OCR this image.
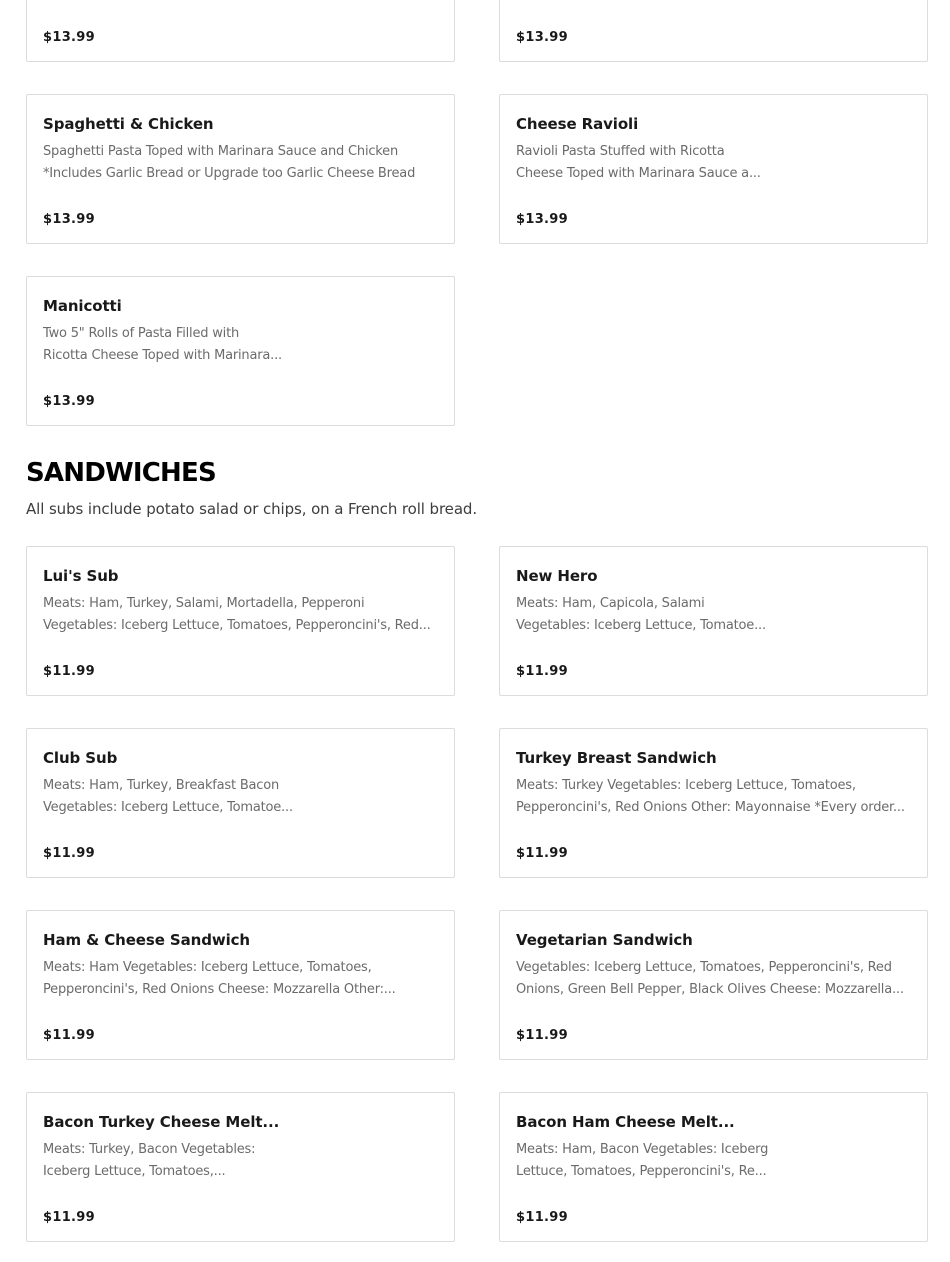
$13.99	$13.99
Spaghetti & Chicken
Spaghetti Pasta Toped with Marinara Sauce and Chicken
*Includes Garlic Bread or Upgrade too Garlic Cheese Bread
$13.99
Cheese Ravioli
Ravioli Pasta Stuffed with Ricotta
Cheese Toped with Marinara Sauce a...
$13.99
Manicotti
Two 5" Rolls of Pasta Filled with
Ricotta Cheese Toped with Marinara...
$13.99
SANDWICHES

All subs include potato salad or chips, on a French roll bread.

Lui's Sub
Meats: Ham, Turkey, Salami, Mortadella, Pepperoni
Vegetables: Iceberg Lettuce, Tomatoes, Pepperoncini's, Red...
$11.99
New Hero
Meats: Ham, Capicola, Salami
Vegetables: Iceberg Lettuce, Tomatoe...
$11.99
Club Sub
Meats: Ham, Turkey, Breakfast Bacon
Vegetables: Iceberg Lettuce, Tomatoe...
$11.99
Turkey Breast Sandwich
Meats: Turkey Vegetables: Iceberg Lettuce, Tomatoes,
Pepperoncini's, Red Onions Other: Mayonnaise *Every order...
$11.99
Ham & Cheese Sandwich
Meats: Ham Vegetables: Iceberg Lettuce, Tomatoes,
Pepperoncini's, Red Onions Cheese: Mozzarella Other:...
$11.99
Vegetarian Sandwich
Vegetables: Iceberg Lettuce, Tomatoes, Pepperoncini's, Red
Onions, Green Bell Pepper, Black Olives Cheese: Mozzarella...
$11.99
Bacon Turkey Cheese Melt...
Meats: Turkey, Bacon Vegetables:
Iceberg Lettuce, Tomatoes,...
$11.99
Bacon Ham Cheese Melt...
Meats: Ham, Bacon Vegetables: Iceberg
Lettuce, Tomatoes, Pepperoncini's, Re...
$11.99
